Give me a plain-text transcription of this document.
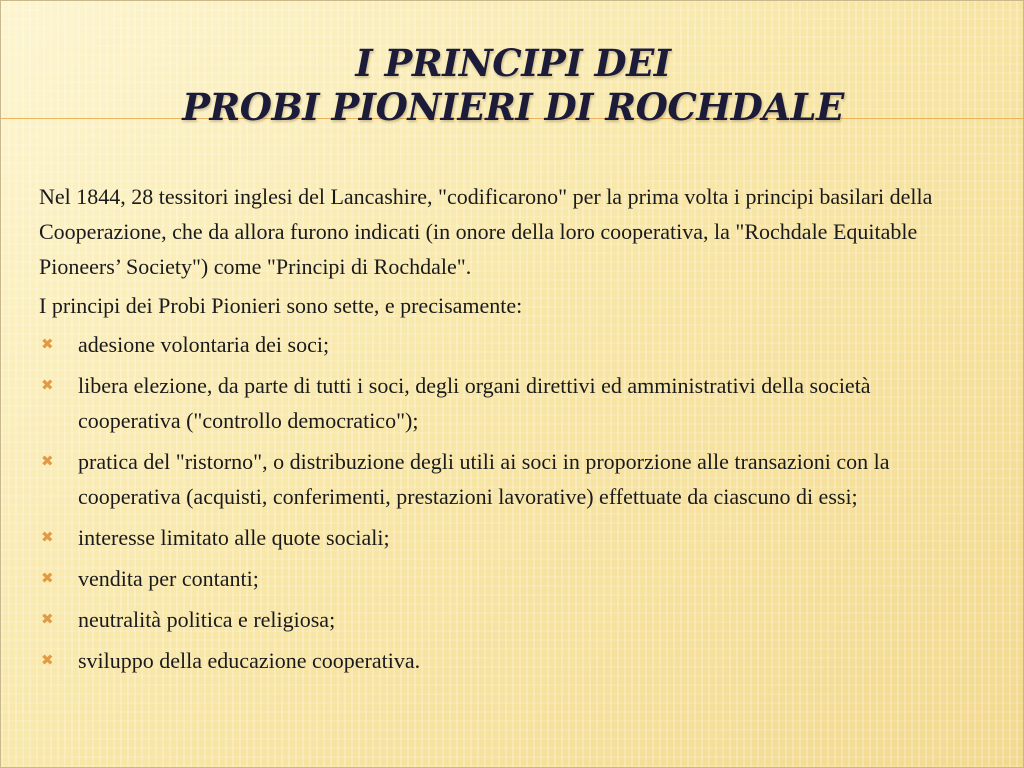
I PRINCIPI DEI
PROBI PIONIERI DI ROCHDALE

Nel 1844, 28 tessitori inglesi del Lancashire, "codificarono" per la prima volta i principi basilari della Cooperazione, che da allora furono indicati (in onore della loro cooperativa, la "Rochdale Equitable Pioneers’ Society") come "Principi di Rochdale".

I principi dei Probi Pionieri sono sette, e precisamente:

✖ adesione volontaria dei soci;
✖ libera elezione, da parte di tutti i soci, degli organi direttivi ed amministrativi della società cooperativa ("controllo democratico");
✖ pratica del "ristorno", o distribuzione degli utili ai soci in proporzione alle transazioni con la cooperativa (acquisti, conferimenti, prestazioni lavorative) effettuate da ciascuno di essi;
✖ interesse limitato alle quote sociali;
✖ vendita per contanti;
✖ neutralità politica e religiosa;
✖ sviluppo della educazione cooperativa.
